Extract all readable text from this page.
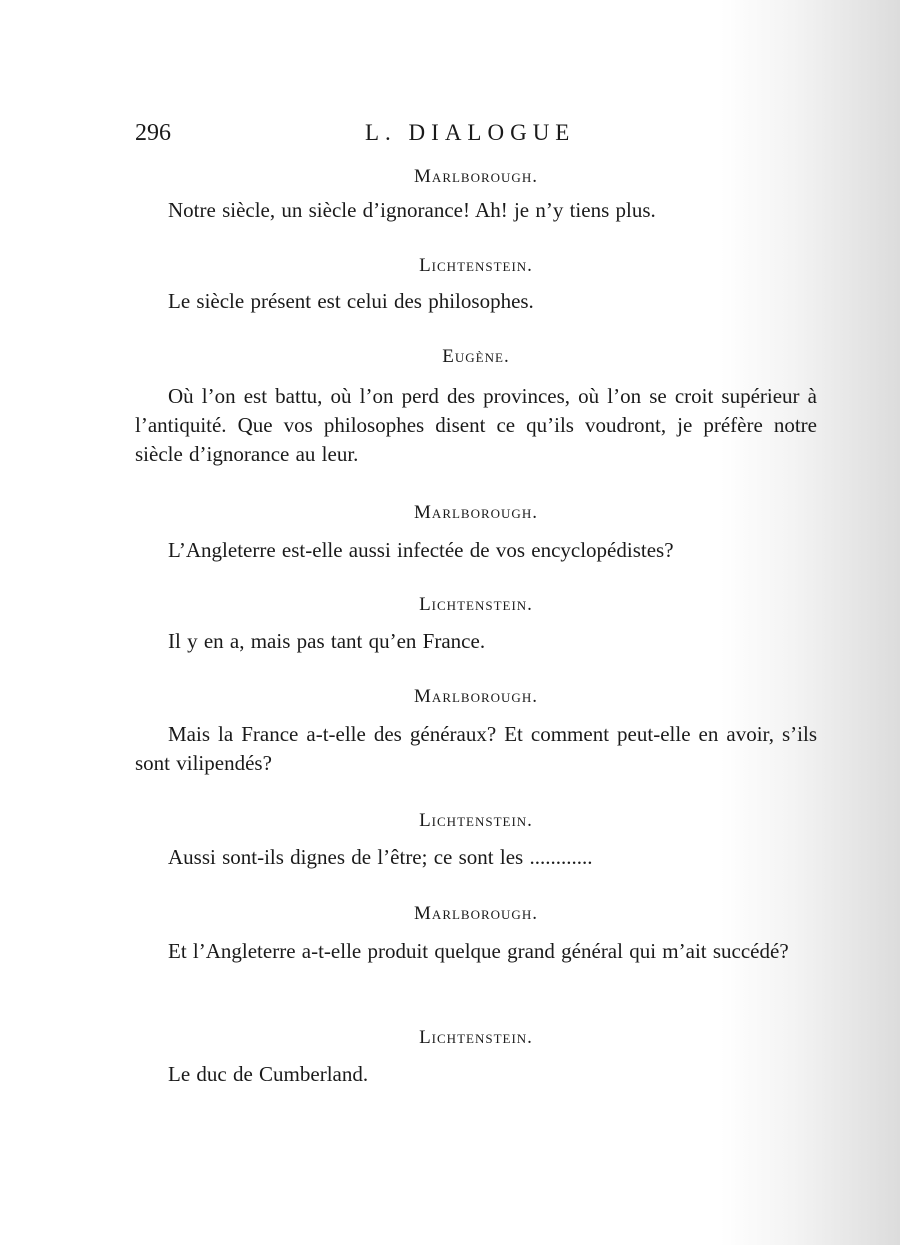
296	L. DIALOGUE
Marlborough.
Notre siècle, un siècle d’ignorance! Ah! je n’y tiens plus.
Lichtenstein.
Le siècle présent est celui des philosophes.
Eugène.
Où l’on est battu, où l’on perd des provinces, où l’on se croit supérieur à l’antiquité. Que vos philosophes disent ce qu’ils voudront, je préfère notre siècle d’ignorance au leur.
Marlborough.
L’Angleterre est-elle aussi infectée de vos encyclopédistes?
Lichtenstein.
Il y en a, mais pas tant qu’en France.
Marlborough.
Mais la France a-t-elle des généraux? Et comment peut-elle en avoir, s’ils sont vilipendés?
Lichtenstein.
Aussi sont-ils dignes de l’être; ce sont les ............
Marlborough.
Et l’Angleterre a-t-elle produit quelque grand général qui m’ait succédé?
Lichtenstein.
Le duc de Cumberland.
